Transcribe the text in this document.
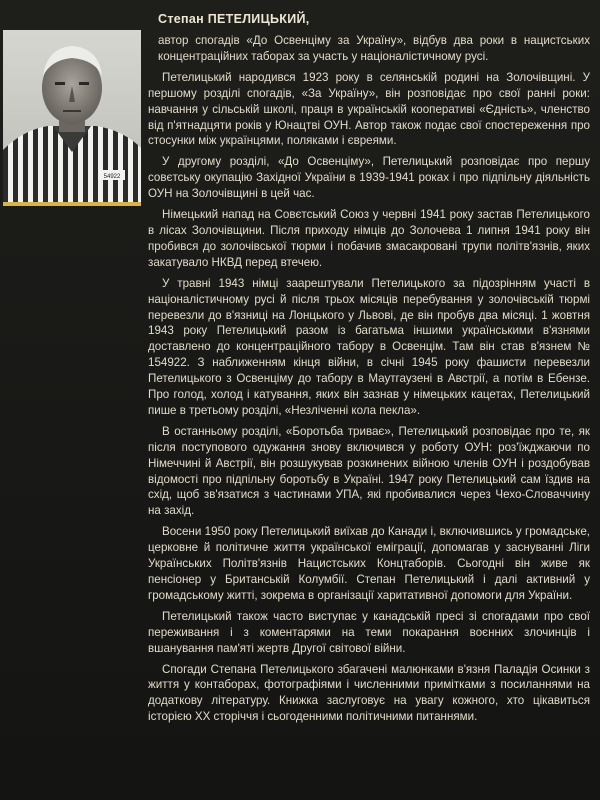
54922
Степан ПЕТЕЛИЦЬКИЙ,

автор спогадів «До Освенціму за Україну», відбув два роки в нацистських концентраційних таборах за участь у націоналістичному русі.

Петелицький народився 1923 року в селянській родині на Золочівщині. У першому розділі спогадів, «За Україну», він розповідає про свої ранні роки: навчання у сільській школі, праця в українській кооперативі «Єдність», членство від п'ятнадцяти років у Юнацтві ОУН. Автор також подає свої спостереження про стосунки між українцями, поляками і євреями.

У другому розділі, «До Освенціму», Петелицький розповідає про першу совєтську окупацію Західної України в 1939-1941 роках і про підпільну діяльність ОУН на Золочівщині в цей час.

Німецький напад на Совєтський Союз у червні 1941 року застав Петелицького в лісах Золочівщини. Після приходу німців до Золочева 1 липня 1941 року він пробився до золочівської тюрми і побачив змасакровані трупи політв'язнів, яких закатувало НКВД перед втечею.

У травні 1943 німці заарештували Петелицького за підозрінням участі в націоналістичному русі й після трьох місяців перебування у золочівській тюрмі перевезли до в'язниці на Лонцького у Львові, де він пробув два місяці. 1 жовтня 1943 року Петелицький разом із багатьма іншими українськими в'язнями доставлено до концентраційного табору в Освенцім. Там він став в'язнем № 154922. З наближенням кінця війни, в січні 1945 року фашисти перевезли Петелицького з Освенціму до табору в Маутгаузені в Австрії, а потім в Ебензе. Про голод, холод і катування, яких він зазнав у німецьких кацетах, Петелицький пише в третьому розділі, «Незліченні кола пекла».

В останньому розділі, «Боротьба триває», Петелицький розповідає про те, як після поступового одужання знову включився у роботу ОУН: роз'їжджаючи по Німеччині й Австрії, він розшукував розкинених війною членів ОУН і роздобував відомості про підпільну боротьбу в Україні. 1947 року Петелицький сам їздив на схід, щоб зв'язатися з частинами УПА, які пробивалися через Чехо-Словаччину на захід.

Восени 1950 року Петелицький виїхав до Канади і, включившись у громадське, церковне й політичне життя української еміграції, допомагав у заснуванні Ліги Українських Політв'язнів Нацистських Концтаборів. Сьогодні він живе як пенсіонер у Британській Колумбії. Степан Петелицький і далі активний у громадському житті, зокрема в організації харитативної допомоги для України.

Петелицький також часто виступає у канадській пресі зі спогадами про свої переживання і з коментарями на теми покарання воєнних злочинців і вшанування пам'яті жертв Другої світової війни.

Спогади Степана Петелицького збагачені малюнками в'язня Паладія Осинки з життя у контаборах, фотографіями і численними примітками з посиланнями на додаткову літературу. Книжка заслуговує на увагу кожного, хто цікавиться історією XX сторіччя і сьогоденними політичними питаннями.
